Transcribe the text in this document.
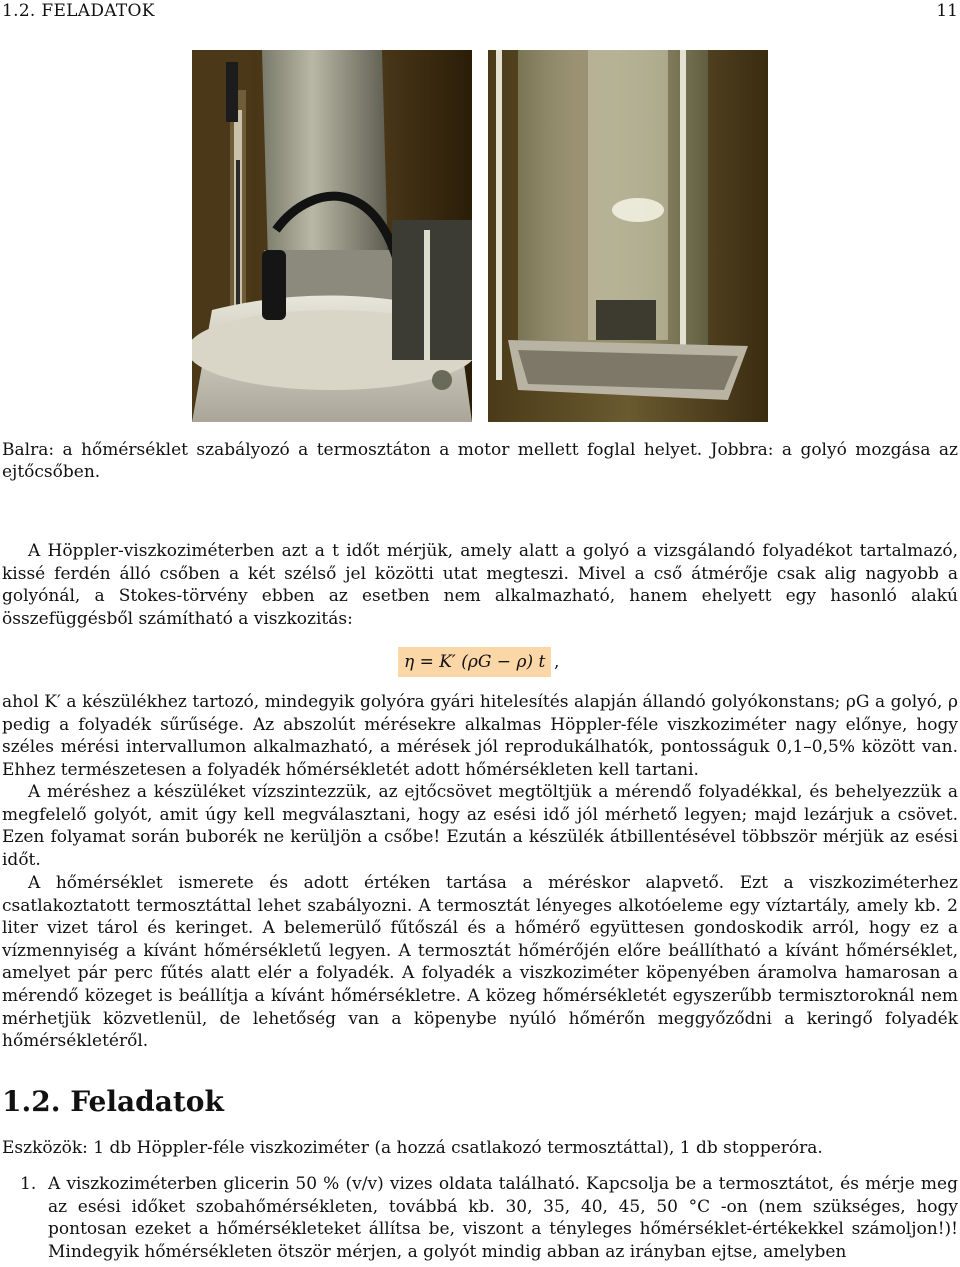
1.2. FELADATOK	11
Balra: a hőmérséklet szabályozó a termosztáton a motor mellett foglal helyet. Jobbra: a golyó mozgása az ejtőcsőben.
A Höppler-viszkoziméterben azt a t időt mérjük, amely alatt a golyó a vizsgálandó folyadékot tartalmazó, kissé ferdén álló csőben a két szélső jel közötti utat megteszi. Mivel a cső átmérője csak alig nagyobb a golyónál, a Stokes-törvény ebben az esetben nem alkalmazható, hanem ehelyett egy hasonló alakú összefüggésből számítható a viszkozitás:
η = K′ (ρG − ρ) t ,
ahol K′ a készülékhez tartozó, mindegyik golyóra gyári hitelesítés alapján állandó golyókonstans; ρG a golyó, ρ pedig a folyadék sűrűsége. Az abszolút mérésekre alkalmas Höppler-féle viszkoziméter nagy előnye, hogy széles mérési intervallumon alkalmazható, a mérések jól reprodukálhatók, pontosságuk 0,1–0,5% között van. Ehhez természetesen a folyadék hőmérsékletét adott hőmérsékleten kell tartani.
A méréshez a készüléket vízszintezzük, az ejtőcsövet megtöltjük a mérendő folyadékkal, és behelyezzük a megfelelő golyót, amit úgy kell megválasztani, hogy az esési idő jól mérhető legyen; majd lezárjuk a csövet. Ezen folyamat során buborék ne kerüljön a csőbe! Ezután a készülék átbillentésével többször mérjük az esési időt.
A hőmérséklet ismerete és adott értéken tartása a méréskor alapvető. Ezt a viszkoziméterhez csatlakoztatott termosztáttal lehet szabályozni. A termosztát lényeges alkotóeleme egy víztartály, amely kb. 2 liter vizet tárol és keringet. A belemerülő fűtőszál és a hőmérő együttesen gondoskodik arról, hogy ez a vízmennyiség a kívánt hőmérsékletű legyen. A termosztát hőmérőjén előre beállítható a kívánt hőmérséklet, amelyet pár perc fűtés alatt elér a folyadék. A folyadék a viszkoziméter köpenyében áramolva hamarosan a mérendő közeget is beállítja a kívánt hőmérsékletre. A közeg hőmérsékletét egyszerűbb termisztoroknál nem mérhetjük közvetlenül, de lehetőség van a köpenybe nyúló hőmérőn meggyőződni a keringő folyadék hőmérsékletéről.
1.2. Feladatok
Eszközök: 1 db Höppler-féle viszkoziméter (a hozzá csatlakozó termosztáttal), 1 db stopperóra.
1. A viszkoziméterben glicerin 50 % (v/v) vizes oldata található. Kapcsolja be a termosztátot, és mérje meg az esési időket szobahőmérsékleten, továbbá kb. 30, 35, 40, 45, 50 °C -on (nem szükséges, hogy pontosan ezeket a hőmérsékleteket állítsa be, viszont a tényleges hőmérséklet-értékekkel számoljon!)! Mindegyik hőmérsékleten ötször mérjen, a golyót mindig abban az irányban ejtse, amelyben
